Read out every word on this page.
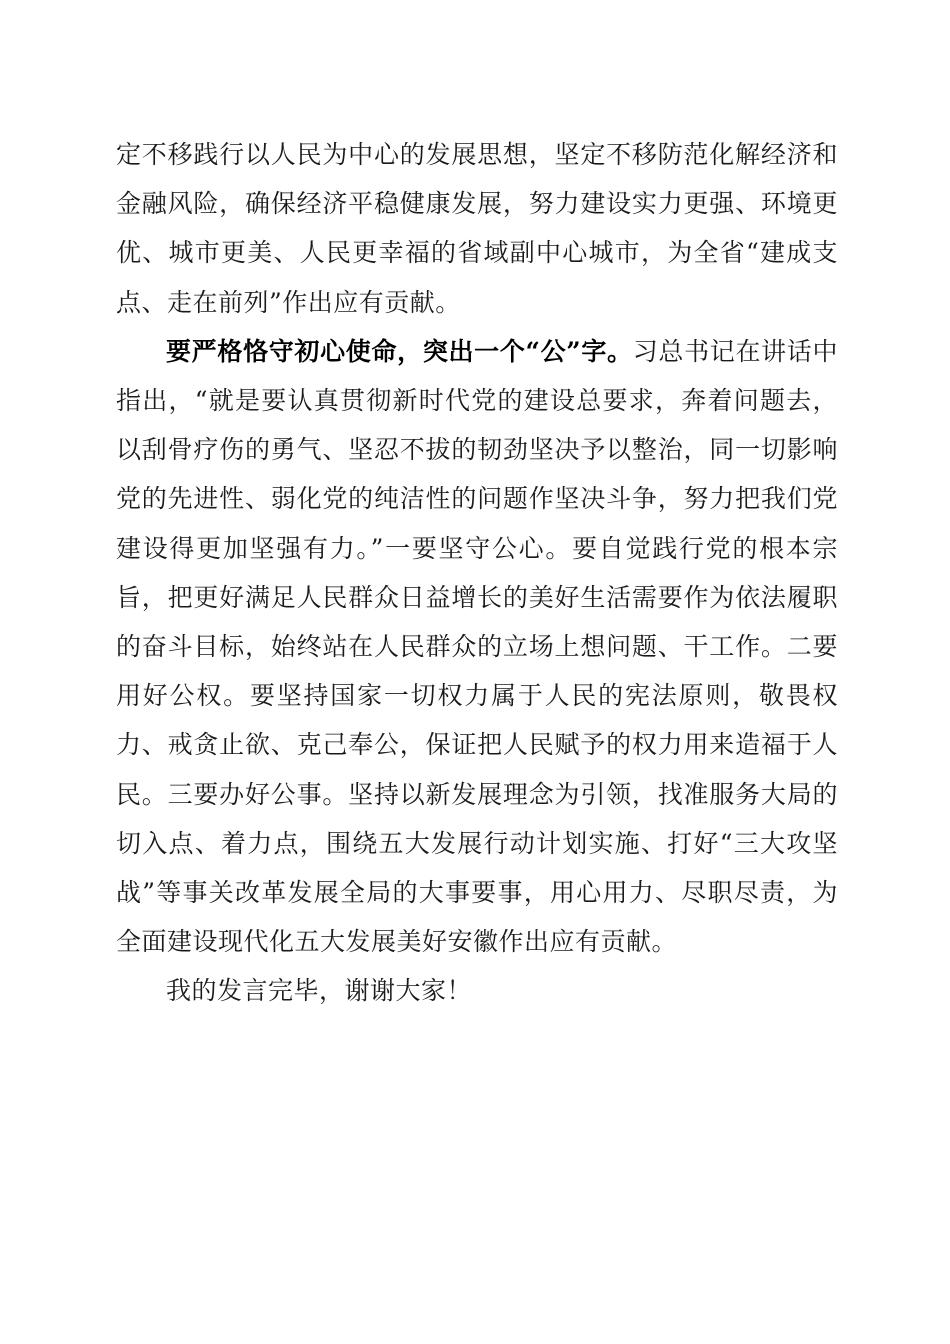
定不移践行以人民为中心的发展思想，坚定不移防范化解经济和金融风险，确保经济平稳健康发展，努力建设实力更强、环境更优、城市更美、人民更幸福的省域副中心城市，为全省“建成支点、走在前列”作出应有贡献。

要严格恪守初心使命，突出一个“公”字。习总书记在讲话中指出，“就是要认真贯彻新时代党的建设总要求，奔着问题去，以刮骨疗伤的勇气、坚忍不拔的韧劲坚决予以整治，同一切影响党的先进性、弱化党的纯洁性的问题作坚决斗争，努力把我们党建设得更加坚强有力。”一要坚守公心。要自觉践行党的根本宗旨，把更好满足人民群众日益增长的美好生活需要作为依法履职的奋斗目标，始终站在人民群众的立场上想问题、干工作。二要用好公权。要坚持国家一切权力属于人民的宪法原则，敬畏权力、戒贪止欲、克己奉公，保证把人民赋予的权力用来造福于人民。三要办好公事。坚持以新发展理念为引领，找准服务大局的切入点、着力点，围绕五大发展行动计划实施、打好“三大攻坚战”等事关改革发展全局的大事要事，用心用力、尽职尽责，为全面建设现代化五大发展美好安徽作出应有贡献。

我的发言完毕，谢谢大家！
